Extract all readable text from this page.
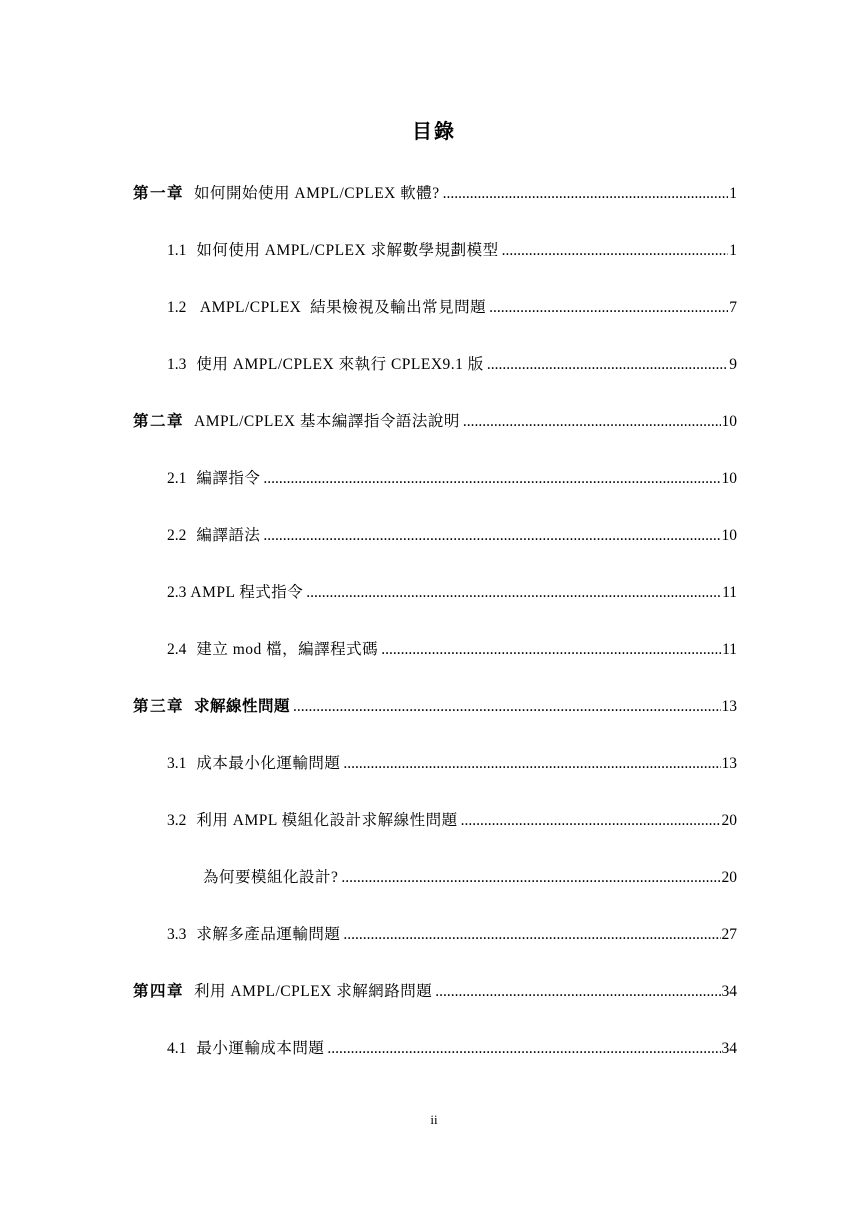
目錄
第一章 如何開始使用 AMPL/CPLEX 軟體? .....	1
1.1 如何使用 AMPL/CPLEX 求解數學規劃模型 .....	1
1.2 AMPL/CPLEX  結果檢視及輸出常見問題 .....	7
1.3 使用 AMPL/CPLEX 來執行 CPLEX9.1 版 .....	9
第二章 AMPL/CPLEX 基本編譯指令語法說明 .....	10
2.1 編譯指令 .....	10
2.2 編譯語法 .....	10
2.3 AMPL 程式指令 .....	11
2.4 建立 mod 檔，編譯程式碼 .....	11
第三章 求解線性問題 .....	13
3.1 成本最小化運輸問題 .....	13
3.2 利用 AMPL 模組化設計求解線性問題 .....	20
為何要模組化設計? .....	20
3.3 求解多產品運輸問題 .....	27
第四章 利用 AMPL/CPLEX 求解網路問題 .....	34
4.1 最小運輸成本問題 .....	34
ii
